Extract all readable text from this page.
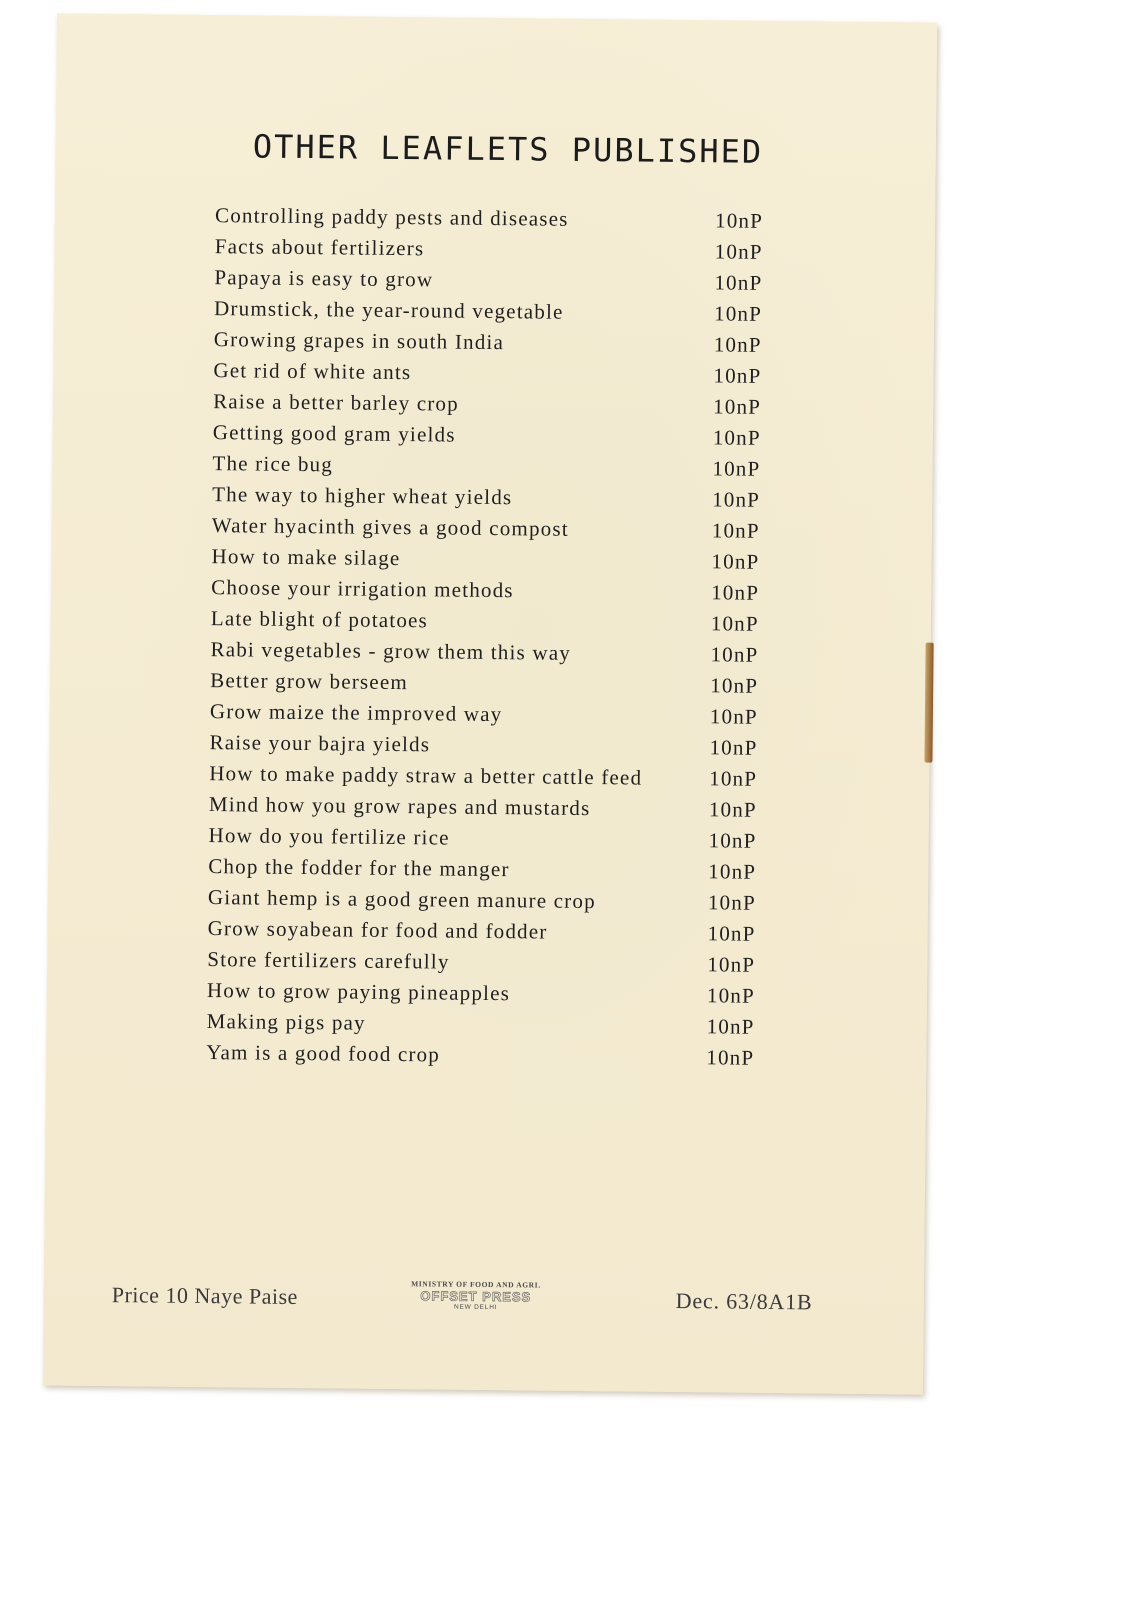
OTHER LEAFLETS PUBLISHED
Controlling paddy pests and diseases	10nP
Facts about fertilizers	10nP
Papaya is easy to grow	10nP
Drumstick, the year-round vegetable	10nP
Growing grapes in south India	10nP
Get rid of white ants	10nP
Raise a better barley crop	10nP
Getting good gram yields	10nP
The rice bug	10nP
The way to higher wheat yields	10nP
Water hyacinth gives a good compost	10nP
How to make silage	10nP
Choose your irrigation methods	10nP
Late blight of potatoes	10nP
Rabi vegetables - grow them this way	10nP
Better grow berseem	10nP
Grow maize the improved way	10nP
Raise your bajra yields	10nP
How to make paddy straw a better cattle feed	10nP
Mind how you grow rapes and mustards	10nP
How do you fertilize rice	10nP
Chop the fodder for the manger	10nP
Giant hemp is a good green manure crop	10nP
Grow soyabean for food and fodder	10nP
Store fertilizers carefully	10nP
How to grow paying pineapples	10nP
Making pigs pay	10nP
Yam is a good food crop	10nP
Price 10 Naye Paise	MINISTRY OF FOOD AND AGRI.
OFFSET PRESS
NEW DELHI	Dec. 63/8A1B
